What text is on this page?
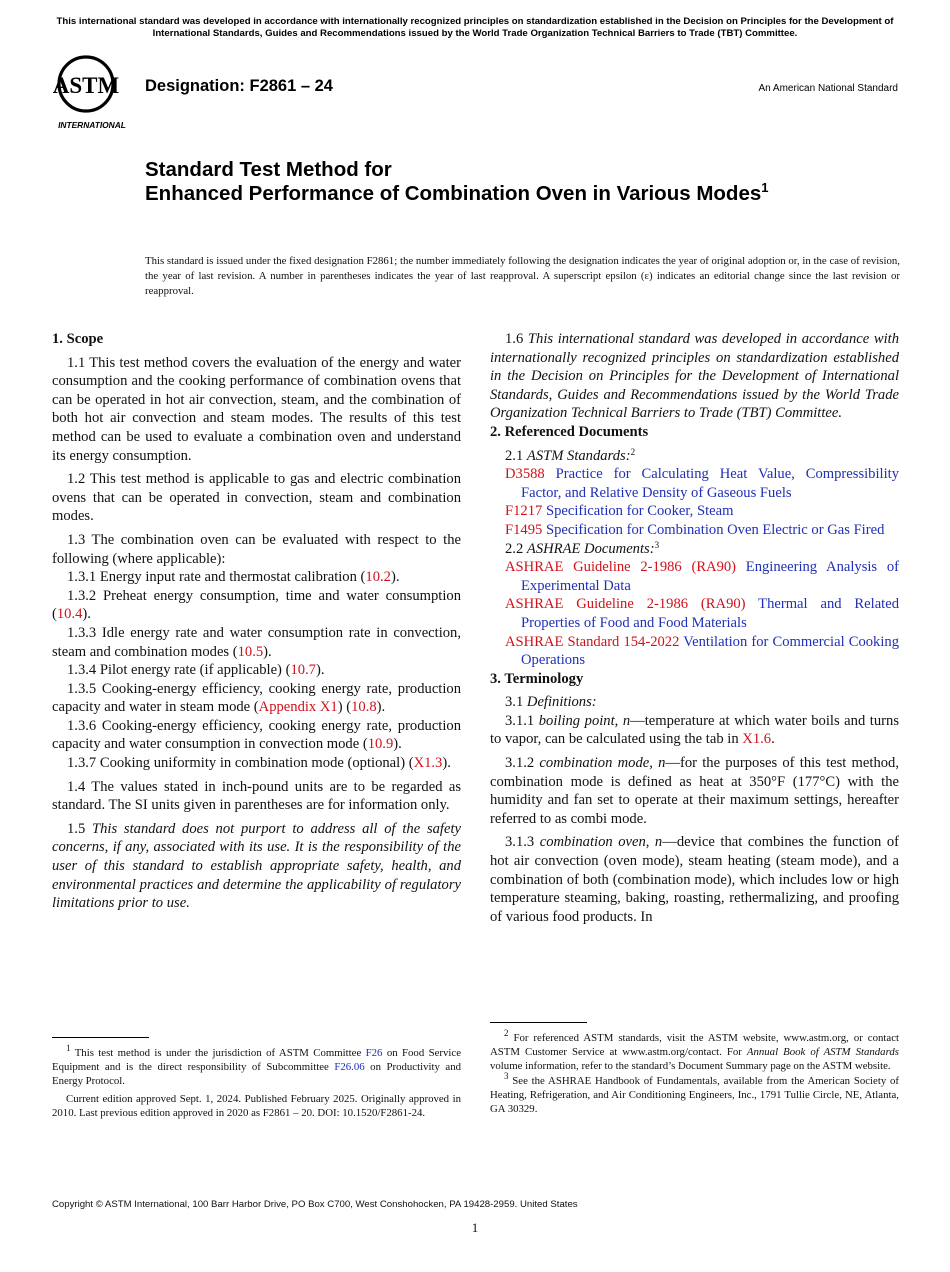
This international standard was developed in accordance with internationally recognized principles on standardization established in the Decision on Principles for the Development of International Standards, Guides and Recommendations issued by the World Trade Organization Technical Barriers to Trade (TBT) Committee.
ASTM
INTERNATIONAL
Designation: F2861 – 24	An American National Standard
Standard Test Method for
Enhanced Performance of Combination Oven in Various Modes$^1$
This standard is issued under the fixed designation F2861; the number immediately following the designation indicates the year of original adoption or, in the case of revision, the year of last revision. A number in parentheses indicates the year of last reapproval. A superscript epsilon (ε) indicates an editorial change since the last revision or reapproval.

1. Scope

1.1 This test method covers the evaluation of the energy and water consumption and the cooking performance of combination ovens that can be operated in hot air convection, steam, and the combination of both hot air convection and steam modes. The results of this test method can be used to evaluate a combination oven and understand its energy consumption.

1.2 This test method is applicable to gas and electric combination ovens that can be operated in convection, steam and combination modes.

1.3 The combination oven can be evaluated with respect to the following (where applicable):

1.3.1 Energy input rate and thermostat calibration (10.2).

1.3.2 Preheat energy consumption, time and water consumption (10.4).

1.3.3 Idle energy rate and water consumption rate in convection, steam and combination modes (10.5).

1.3.4 Pilot energy rate (if applicable) (10.7).

1.3.5 Cooking-energy efficiency, cooking energy rate, production capacity and water in steam mode (Appendix X1) (10.8).

1.3.6 Cooking-energy efficiency, cooking energy rate, production capacity and water consumption in convection mode (10.9).

1.3.7 Cooking uniformity in combination mode (optional) (X1.3).

1.4 The values stated in inch-pound units are to be regarded as standard. The SI units given in parentheses are for information only.

1.5 This standard does not purport to address all of the safety concerns, if any, associated with its use. It is the responsibility of the user of this standard to establish appropriate safety, health, and environmental practices and determine the applicability of regulatory limitations prior to use.

1.6 This international standard was developed in accordance with internationally recognized principles on standardization established in the Decision on Principles for the Development of International Standards, Guides and Recommendations issued by the World Trade Organization Technical Barriers to Trade (TBT) Committee.

2. Referenced Documents

2.1 ASTM Standards:$^2$

D3588 Practice for Calculating Heat Value, Compressibility Factor, and Relative Density of Gaseous Fuels

F1217 Specification for Cooker, Steam

F1495 Specification for Combination Oven Electric or Gas Fired

2.2 ASHRAE Documents:$^3$

ASHRAE Guideline 2-1986 (RA90) Engineering Analysis of Experimental Data

ASHRAE Guideline 2-1986 (RA90) Thermal and Related Properties of Food and Food Materials

ASHRAE Standard 154-2022 Ventilation for Commercial Cooking Operations

3. Terminology

3.1 Definitions:

3.1.1 boiling point, n—temperature at which water boils and turns to vapor, can be calculated using the tab in X1.6.

3.1.2 combination mode, n—for the purposes of this test method, combination mode is defined as heat at 350°F (177°C) with the humidity and fan set to operate at their maximum settings, hereafter referred to as combi mode.

3.1.3 combination oven, n—device that combines the function of hot air convection (oven mode), steam heating (steam mode), and a combination of both (combination mode), which includes low or high temperature steaming, baking, roasting, rethermalizing, and proofing of various food products. In

$^1$ This test method is under the jurisdiction of ASTM Committee F26 on Food Service Equipment and is the direct responsibility of Subcommittee F26.06 on Productivity and Energy Protocol.

Current edition approved Sept. 1, 2024. Published February 2025. Originally approved in 2010. Last previous edition approved in 2020 as F2861 – 20. DOI: 10.1520/F2861-24.

$^2$ For referenced ASTM standards, visit the ASTM website, www.astm.org, or contact ASTM Customer Service at www.astm.org/contact. For Annual Book of ASTM Standards volume information, refer to the standard’s Document Summary page on the ASTM website.

$^3$ See the ASHRAE Handbook of Fundamentals, available from the American Society of Heating, Refrigeration, and Air Conditioning Engineers, Inc., 1791 Tullie Circle, NE, Atlanta, GA 30329.

Copyright © ASTM International, 100 Barr Harbor Drive, PO Box C700, West Conshohocken, PA 19428-2959. United States
1
